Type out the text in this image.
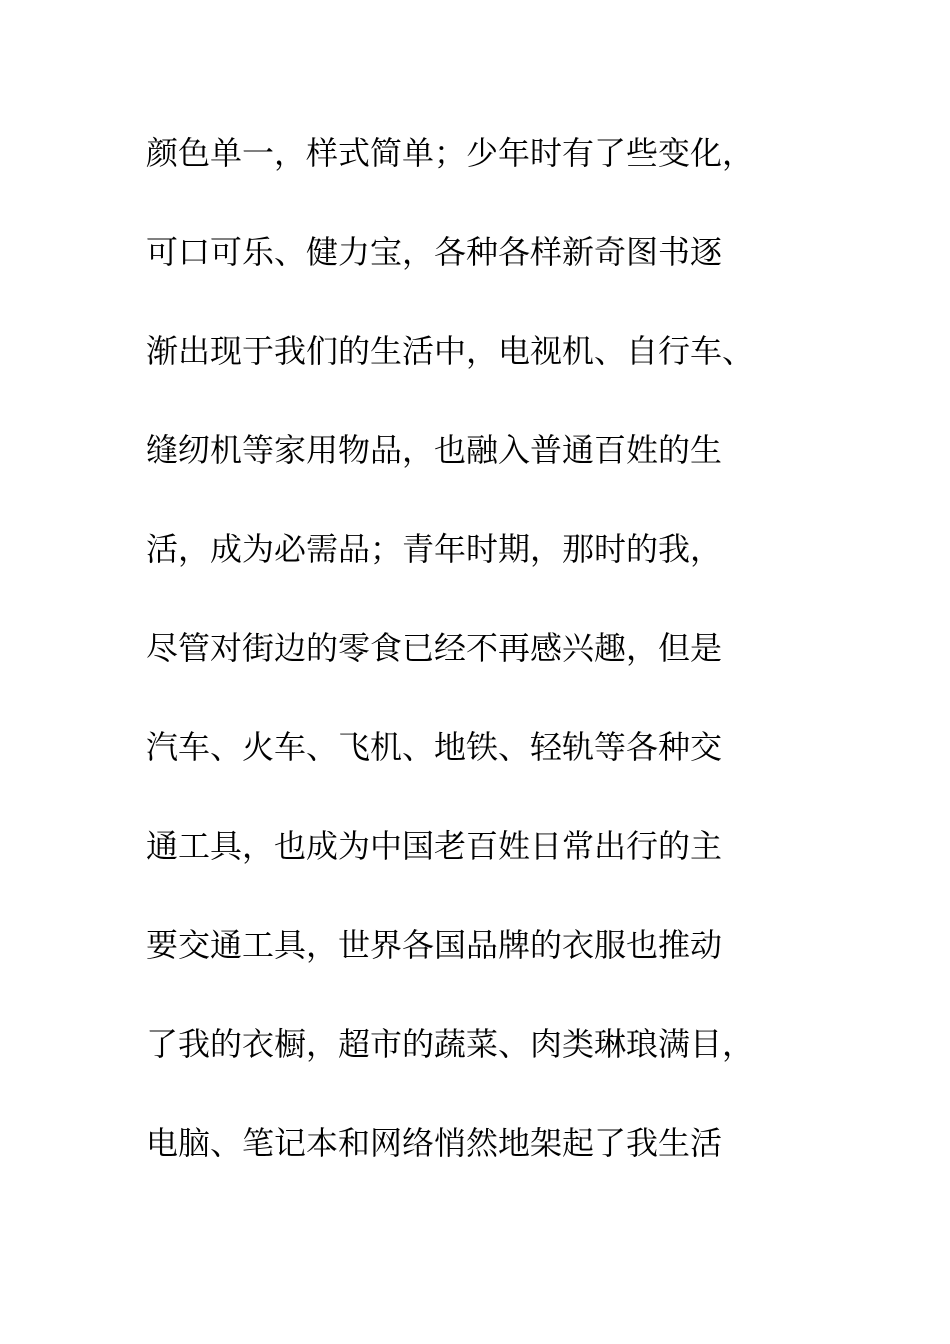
颜色单一，样式简单；少年时有了些变化，
可口可乐、健力宝，各种各样新奇图书逐
渐出现于我们的生活中，电视机、自行车、
缝纫机等家用物品，也融入普通百姓的生
活，成为必需品；青年时期，那时的我，
尽管对街边的零食已经不再感兴趣，但是
汽车、火车、飞机、地铁、轻轨等各种交
通工具，也成为中国老百姓日常出行的主
要交通工具，世界各国品牌的衣服也推动
了我的衣橱，超市的蔬菜、肉类琳琅满目，
电脑、笔记本和网络悄然地架起了我生活
